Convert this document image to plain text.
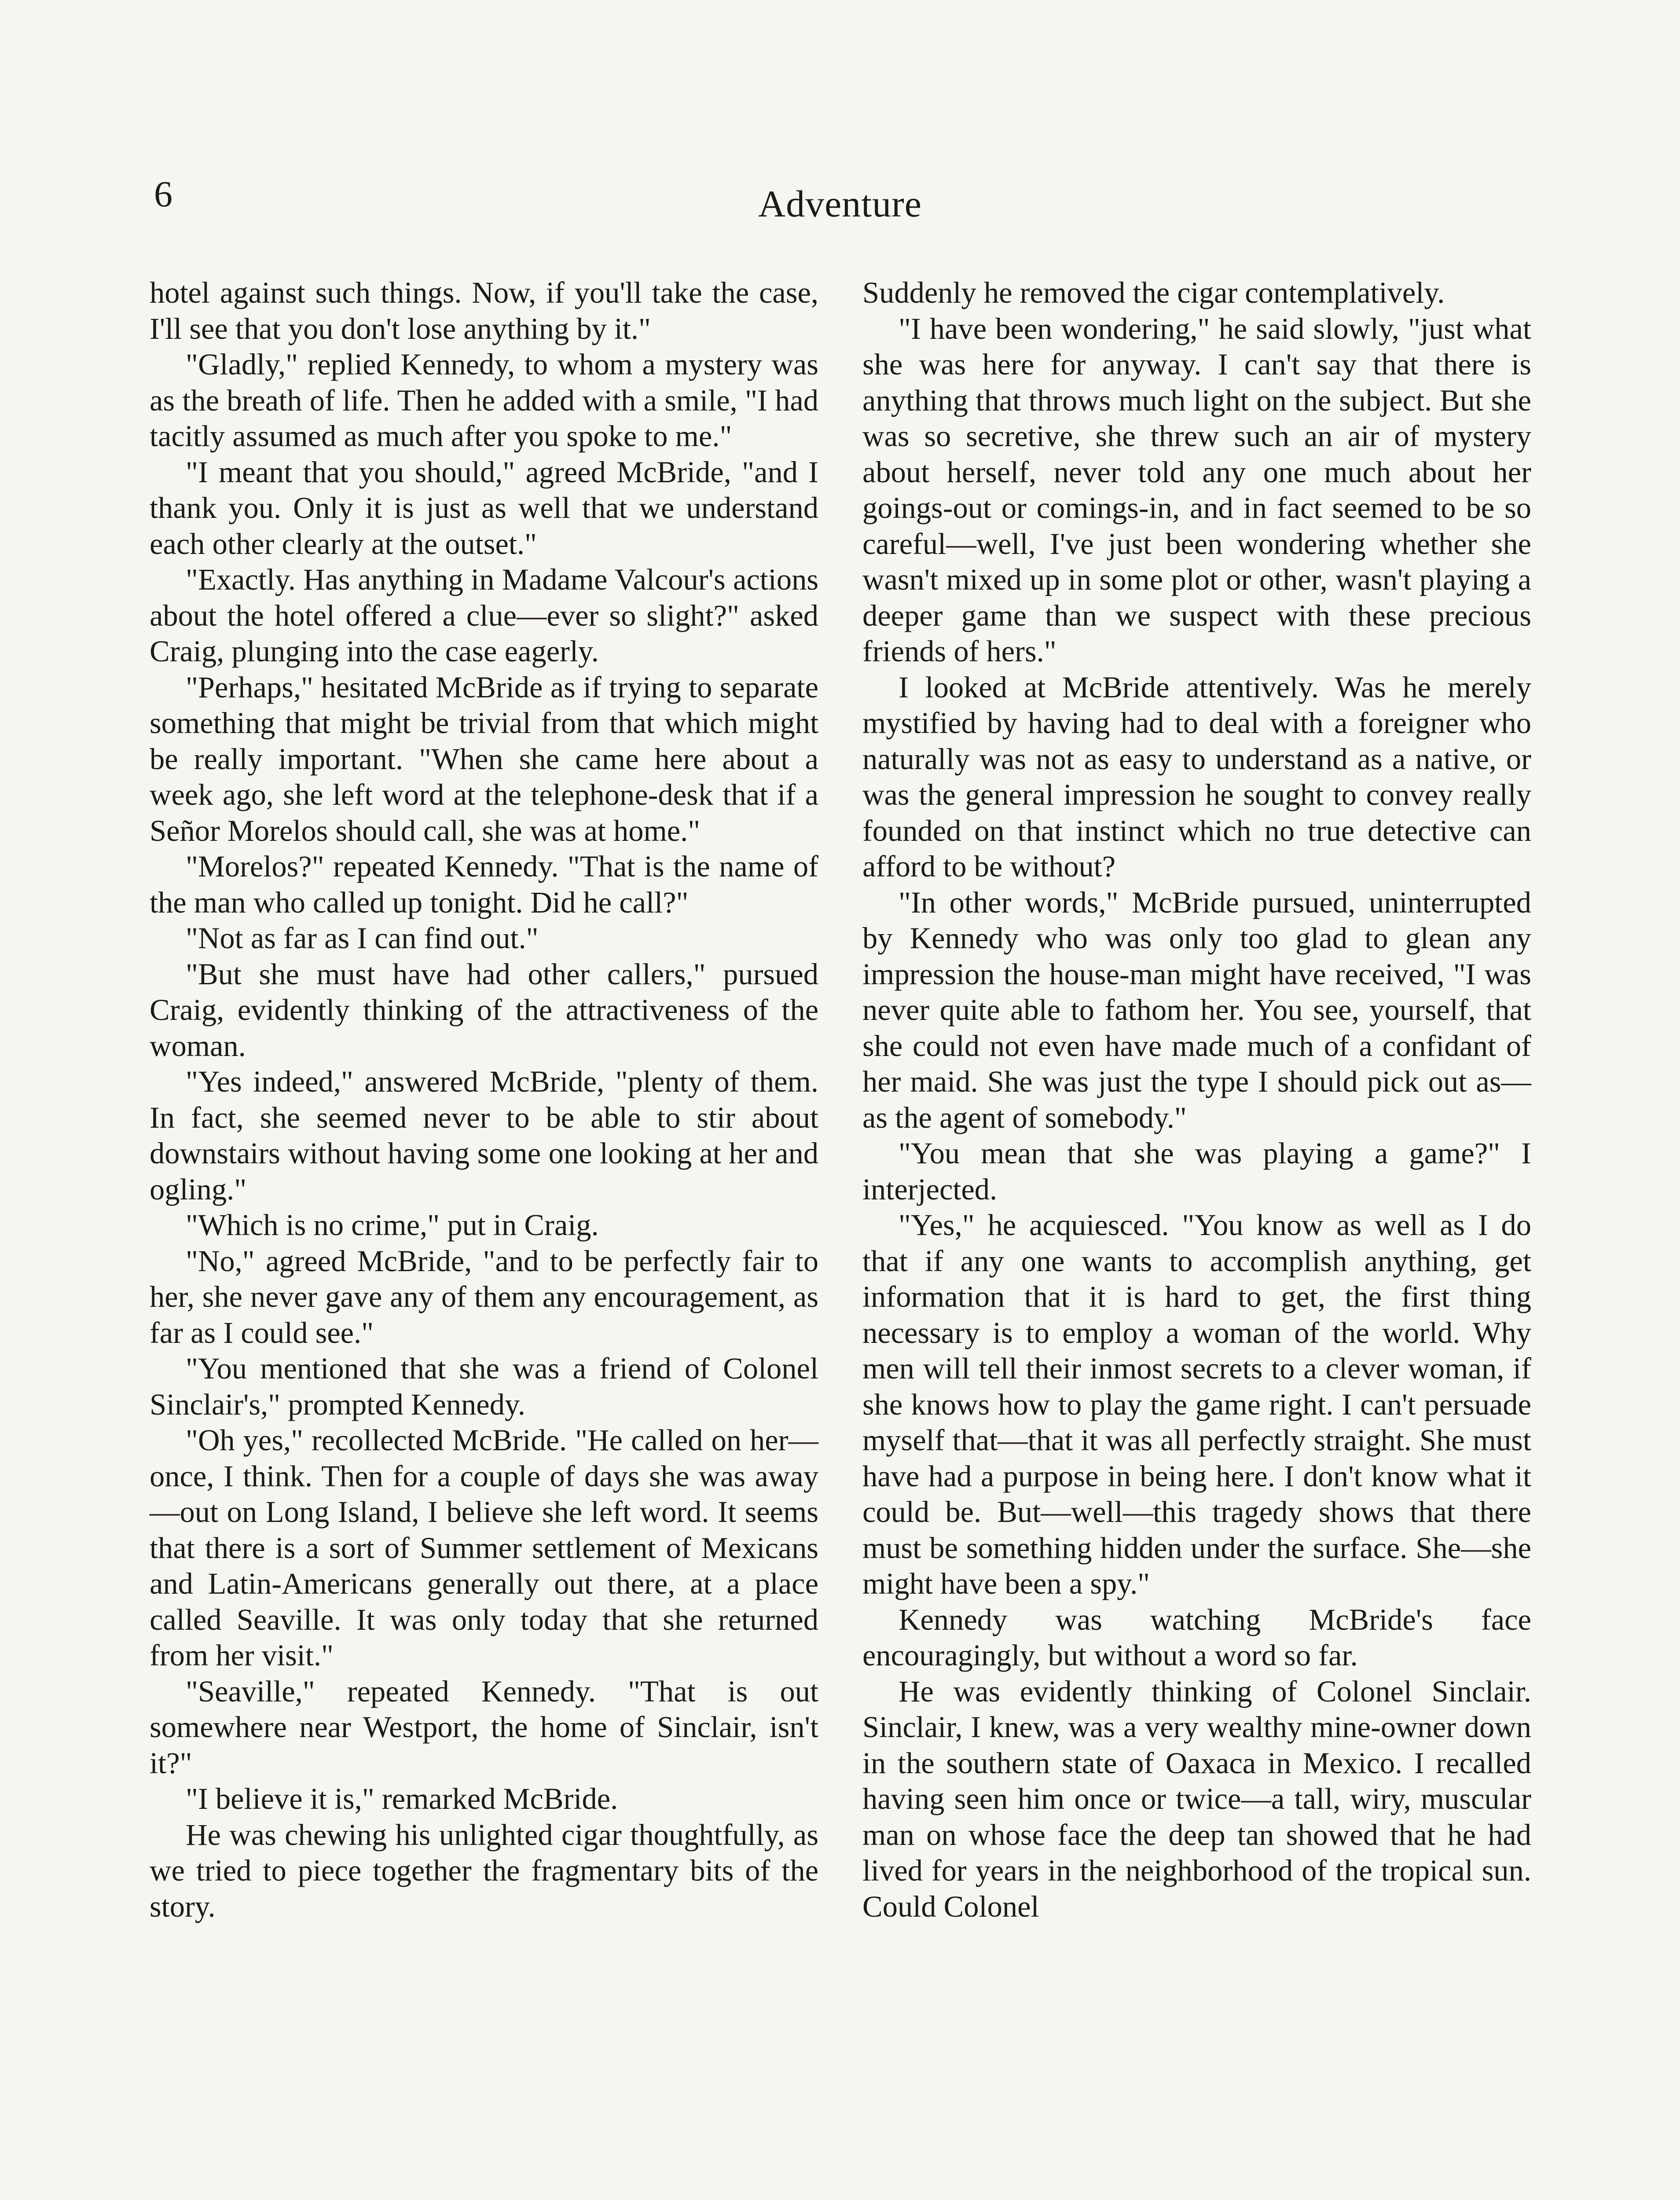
6	Adventure

hotel against such things. Now, if you'll take the case, I'll see that you don't lose anything by it."

"Gladly," replied Kennedy, to whom a mystery was as the breath of life. Then he added with a smile, "I had tacitly assumed as much after you spoke to me."

"I meant that you should," agreed McBride, "and I thank you. Only it is just as well that we understand each other clearly at the outset."

"Exactly. Has anything in Madame Valcour's actions about the hotel offered a clue—ever so slight?" asked Craig, plunging into the case eagerly.

"Perhaps," hesitated McBride as if trying to separate something that might be trivial from that which might be really important. "When she came here about a week ago, she left word at the telephone-desk that if a Señor Morelos should call, she was at home."

"Morelos?" repeated Kennedy. "That is the name of the man who called up tonight. Did he call?"

"Not as far as I can find out."

"But she must have had other callers," pursued Craig, evidently thinking of the attractiveness of the woman.

"Yes indeed," answered McBride, "plenty of them. In fact, she seemed never to be able to stir about downstairs without having some one looking at her and ogling."

"Which is no crime," put in Craig.

"No," agreed McBride, "and to be perfectly fair to her, she never gave any of them any encouragement, as far as I could see."

"You mentioned that she was a friend of Colonel Sinclair's," prompted Kennedy.

"Oh yes," recollected McBride. "He called on her—once, I think. Then for a couple of days she was away—out on Long Island, I believe she left word. It seems that there is a sort of Summer settlement of Mexicans and Latin-Americans generally out there, at a place called Seaville. It was only today that she returned from her visit."

"Seaville," repeated Kennedy. "That is out somewhere near Westport, the home of Sinclair, isn't it?"

"I believe it is," remarked McBride.

He was chewing his unlighted cigar thoughtfully, as we tried to piece together the fragmentary bits of the story.

Suddenly he removed the cigar contemplatively.

"I have been wondering," he said slowly, "just what she was here for anyway. I can't say that there is anything that throws much light on the subject. But she was so secretive, she threw such an air of mystery about herself, never told any one much about her goings-out or comings-in, and in fact seemed to be so careful—well, I've just been wondering whether she wasn't mixed up in some plot or other, wasn't playing a deeper game than we suspect with these precious friends of hers."

I looked at McBride attentively. Was he merely mystified by having had to deal with a foreigner who naturally was not as easy to understand as a native, or was the general impression he sought to convey really founded on that instinct which no true detective can afford to be without?

"In other words," McBride pursued, uninterrupted by Kennedy who was only too glad to glean any impression the house-man might have received, "I was never quite able to fathom her. You see, yourself, that she could not even have made much of a confidant of her maid. She was just the type I should pick out as—as the agent of somebody."

"You mean that she was playing a game?" I interjected.

"Yes," he acquiesced. "You know as well as I do that if any one wants to accomplish anything, get information that it is hard to get, the first thing necessary is to employ a woman of the world. Why men will tell their inmost secrets to a clever woman, if she knows how to play the game right. I can't persuade myself that—that it was all perfectly straight. She must have had a purpose in being here. I don't know what it could be. But—well—this tragedy shows that there must be something hidden under the surface. She—she might have been a spy."

Kennedy was watching McBride's face encouragingly, but without a word so far.

He was evidently thinking of Colonel Sinclair. Sinclair, I knew, was a very wealthy mine-owner down in the southern state of Oaxaca in Mexico. I recalled having seen him once or twice—a tall, wiry, muscular man on whose face the deep tan showed that he had lived for years in the neighborhood of the tropical sun. Could Colonel
